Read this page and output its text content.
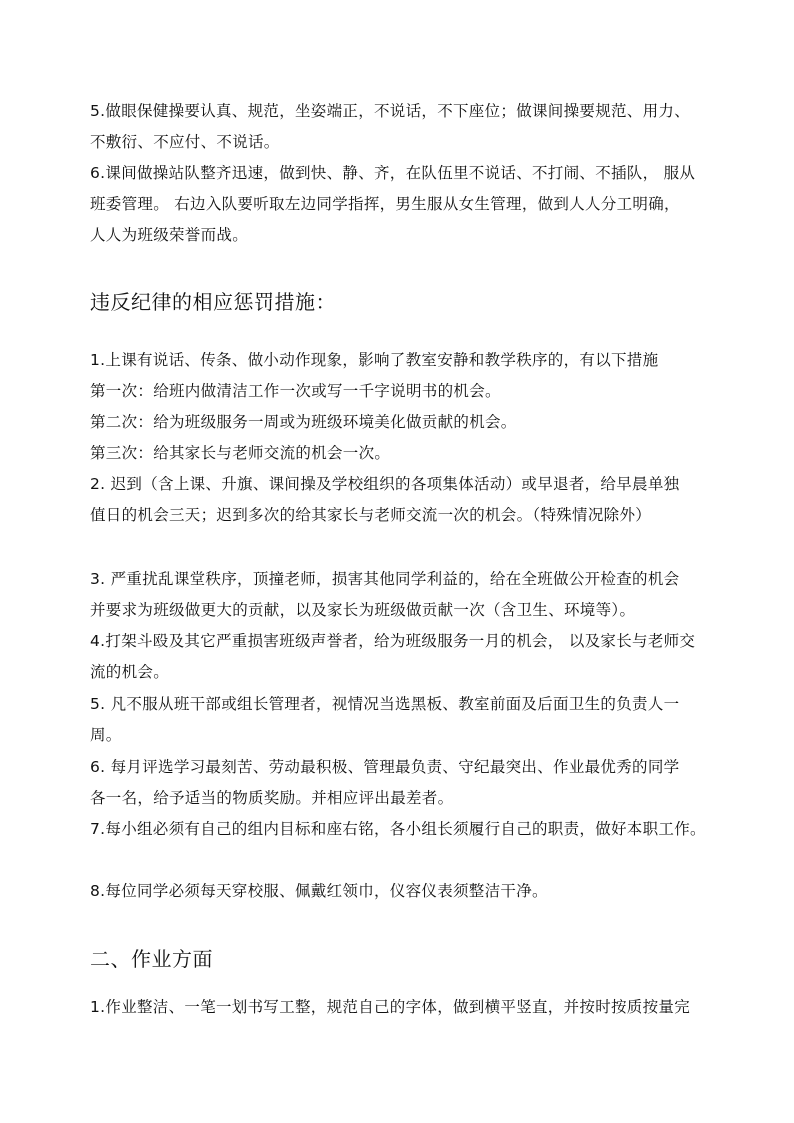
5.做眼保健操要认真、规范，坐姿端正，不说话，不下座位；做课间操要规范、用力、
不敷衍、不应付、不说话。
6.课间做操站队整齐迅速，做到快、静、齐，在队伍里不说话、不打闹、不插队， 服从
班委管理。 右边入队要听取左边同学指挥，男生服从女生管理，做到人人分工明确，
人人为班级荣誉而战。
违反纪律的相应惩罚措施：
1.上课有说话、传条、做小动作现象，影响了教室安静和教学秩序的，有以下措施
第一次：给班内做清洁工作一次或写一千字说明书的机会。
第二次：给为班级服务一周或为班级环境美化做贡献的机会。
第三次：给其家长与老师交流的机会一次。
2. 迟到（含上课、升旗、课间操及学校组织的各项集体活动）或早退者，给早晨单独
值日的机会三天；迟到多次的给其家长与老师交流一次的机会。（特殊情况除外）
3. 严重扰乱课堂秩序，顶撞老师，损害其他同学利益的，给在全班做公开检查的机会
并要求为班级做更大的贡献，以及家长为班级做贡献一次（含卫生、环境等）。
4.打架斗殴及其它严重损害班级声誉者，给为班级服务一月的机会， 以及家长与老师交
流的机会。
5. 凡不服从班干部或组长管理者，视情况当选黑板、教室前面及后面卫生的负责人一
周。
6. 每月评选学习最刻苦、劳动最积极、管理最负责、守纪最突出、作业最优秀的同学
各一名，给予适当的物质奖励。并相应评出最差者。
7.每小组必须有自己的组内目标和座右铭，各小组长须履行自己的职责，做好本职工作。
8.每位同学必须每天穿校服、佩戴红领巾，仪容仪表须整洁干净。
二、作业方面
1.作业整洁、一笔一划书写工整，规范自己的字体，做到横平竖直，并按时按质按量完
